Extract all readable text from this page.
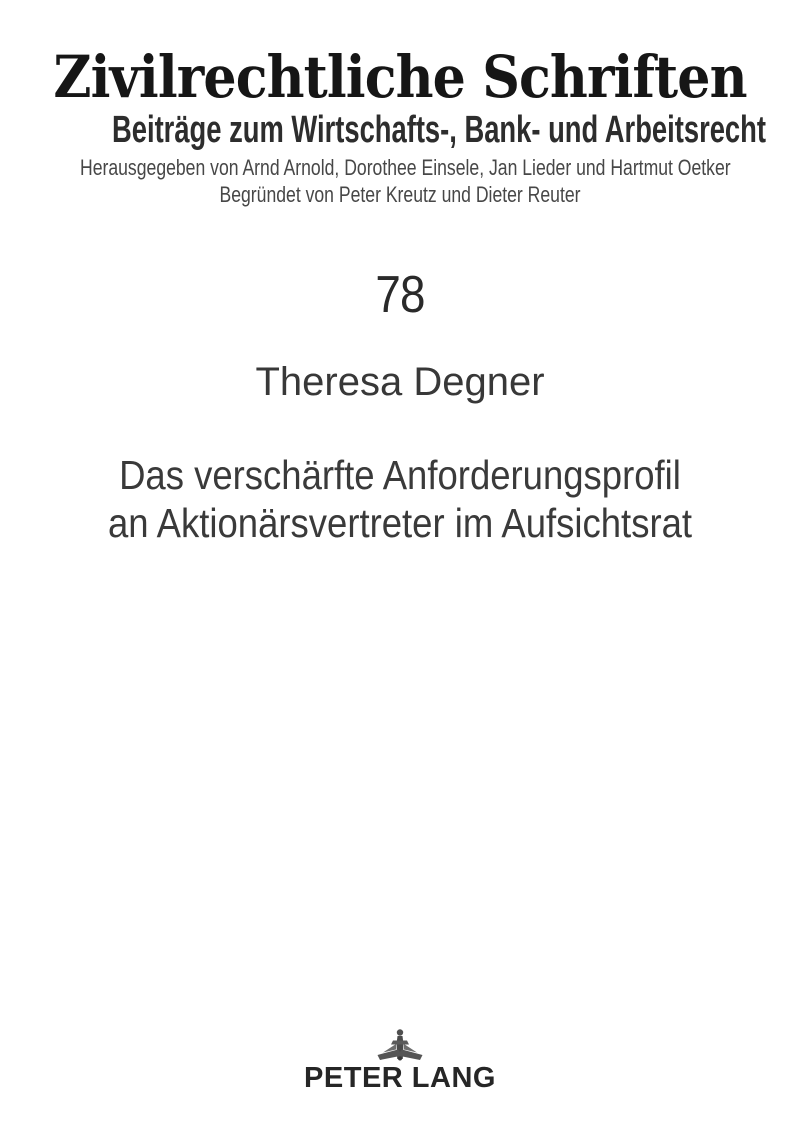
Zivilrechtliche Schriften
Beiträge zum Wirtschafts-, Bank- und Arbeitsrecht
Herausgegeben von Arnd Arnold, Dorothee Einsele, Jan Lieder und Hartmut Oetker
Begründet von Peter Kreutz und Dieter Reuter
78
Theresa Degner
Das verschärfte Anforderungsprofil
an Aktionärsvertreter im Aufsichtsrat
PETER LANG
